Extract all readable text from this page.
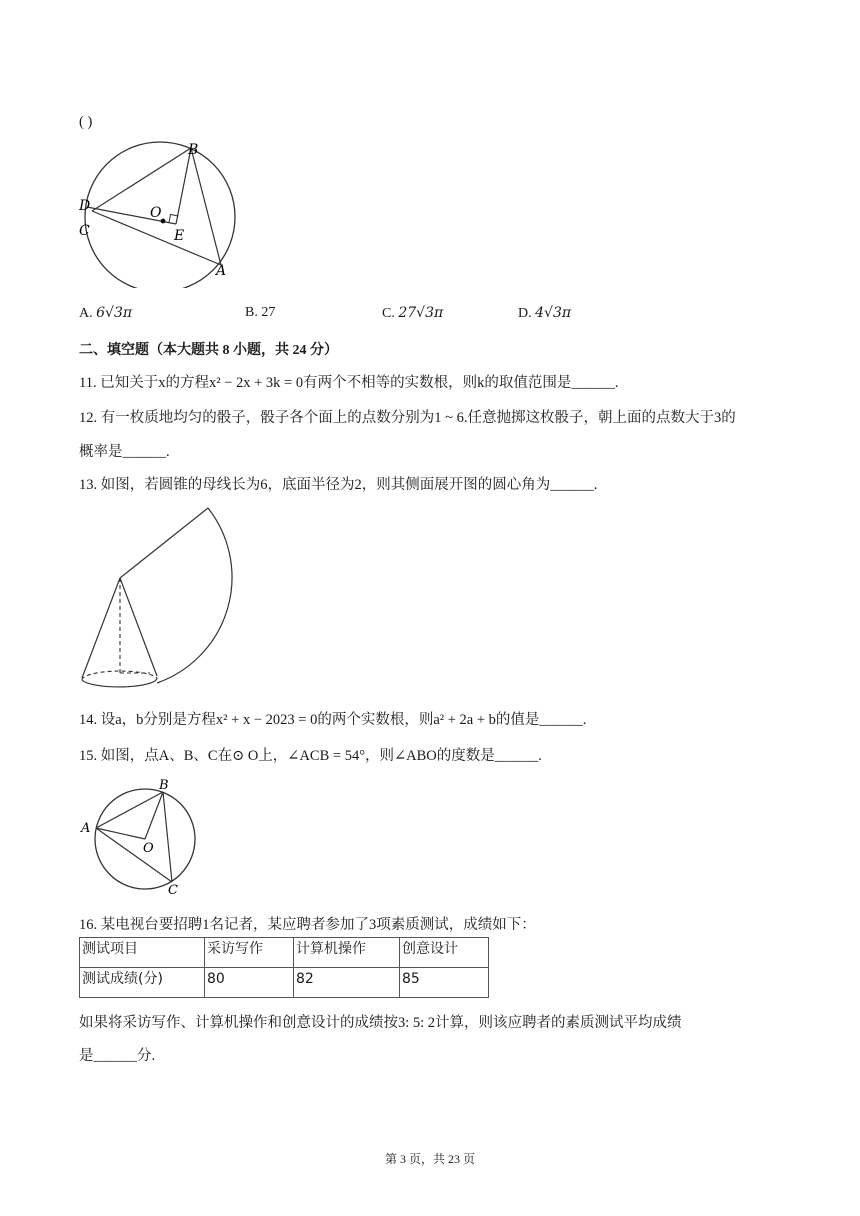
( )
B
D	O
C	E
A
A. 6√3π	B. 27	C. 27√3π	D. 4√3π
二、填空题（本大题共 8 小题，共 24 分）
11. 已知关于x的方程x² − 2x + 3k = 0有两个不相等的实数根，则k的取值范围是______.
12. 有一枚质地均匀的骰子，骰子各个面上的点数分别为1 ~ 6.任意抛掷这枚骰子，朝上面的点数大于3的
概率是______.
13. 如图，若圆锥的母线长为6，底面半径为2，则其侧面展开图的圆心角为______.
14. 设a，b分别是方程x² + x − 2023 = 0的两个实数根，则a² + 2a + b的值是______.
15. 如图，点A、B、C在⊙ O上，∠ACB = 54°，则∠ABO的度数是______.
B
A
O
C
16. 某电视台要招聘1名记者，某应聘者参加了3项素质测试，成绩如下：
测试项目	采访写作	计算机操作	创意设计
测试成绩(分)	80	82	85
如果将采访写作、计算机操作和创意设计的成绩按3: 5: 2计算，则该应聘者的素质测试平均成绩
是______分.
第 3 页，共 23 页
